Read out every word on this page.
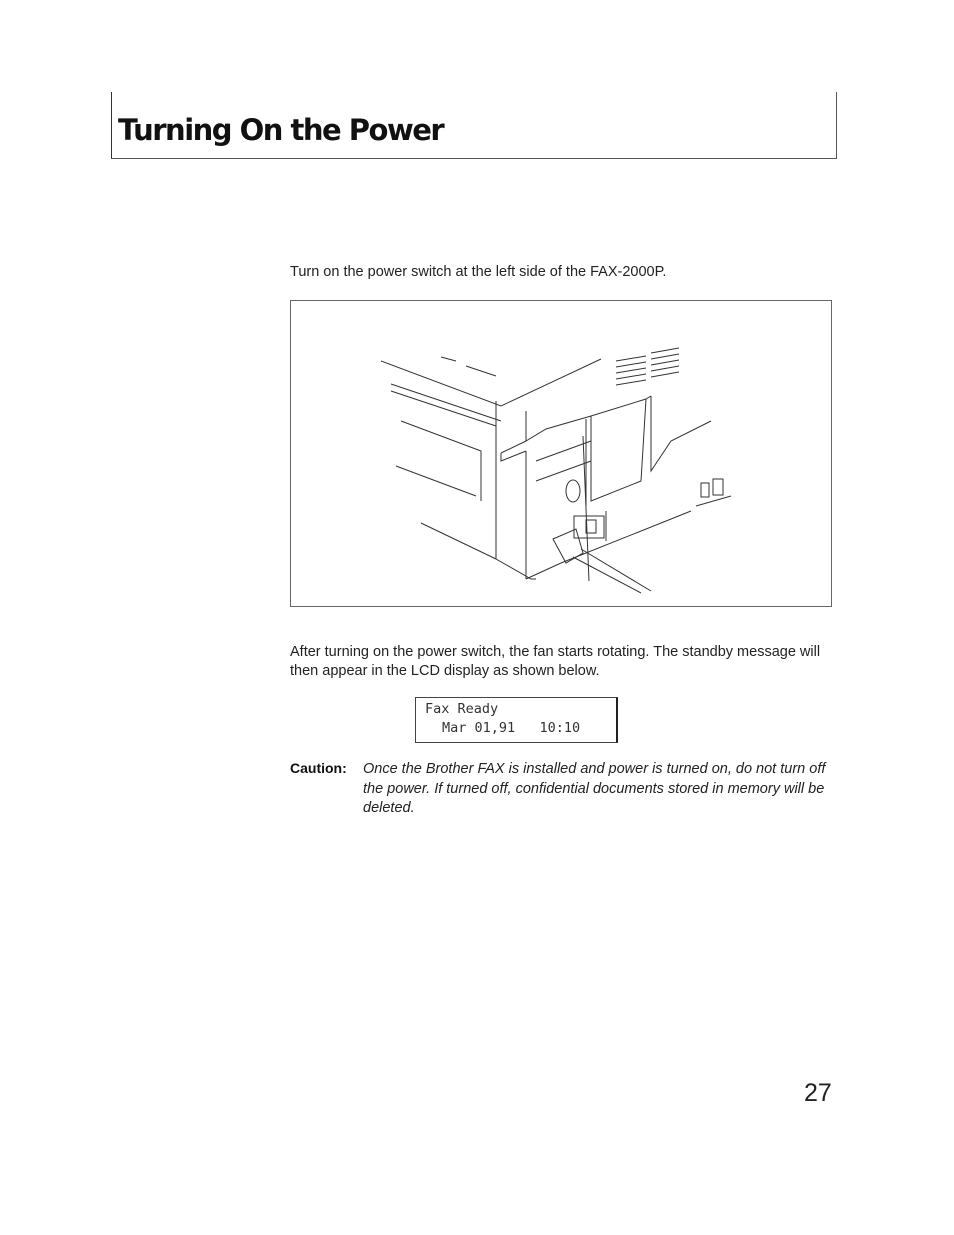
Turning On the Power
Turn on the power switch at the left side of the FAX-2000P.
After turning on the power switch, the fan starts rotating. The standby message will then appear in the LCD display as shown below.
Fax Ready
Mar 01,91   10:10
Caution: Once the Brother FAX is installed and power is turned on, do not turn off the power. If turned off, confidential documents stored in memory will be deleted.
27
